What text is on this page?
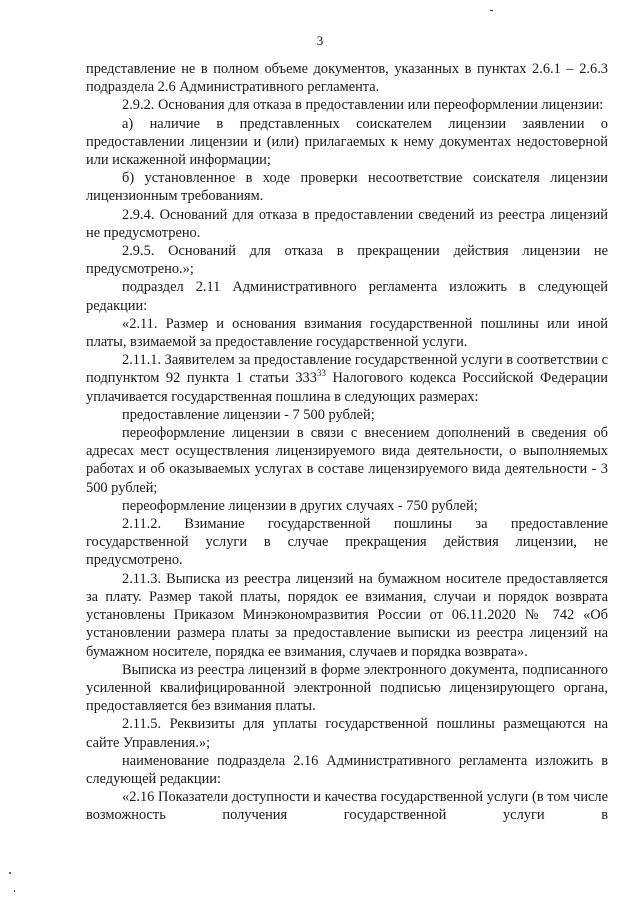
3

представление не в полном объеме документов, указанных в пунктах 2.6.1 – 2.6.3 подраздела 2.6 Административного регламента.

2.9.2. Основания для отказа в предоставлении или переоформлении лицензии:

а) наличие в представленных соискателем лицензии заявлении о предоставлении лицензии и (или) прилагаемых к нему документах недостоверной или искаженной информации;

б) установленное в ходе проверки несоответствие соискателя лицензии лицензионным требованиям.

2.9.4. Оснований для отказа в предоставлении сведений из реестра лицензий не предусмотрено.

2.9.5. Оснований для отказа в прекращении действия лицензии не предусмотрено.»;

подраздел 2.11 Административного регламента изложить в следующей редакции:

«2.11. Размер и основания взимания государственной пошлины или иной платы, взимаемой за предоставление государственной услуги.

2.11.1. Заявителем за предоставление государственной услуги в соответствии с подпунктом 92 пункта 1 статьи $333^{33}$ Налогового кодекса Российской Федерации уплачивается государственная пошлина в следующих размерах:

предоставление лицензии - 7 500 рублей;

переоформление лицензии в связи с внесением дополнений в сведения об адресах мест осуществления лицензируемого вида деятельности, о выполняемых работах и об оказываемых услугах в составе лицензируемого вида деятельности - 3 500 рублей;

переоформление лицензии в других случаях - 750 рублей;

2.11.2. Взимание государственной пошлины за предоставление государственной услуги в случае прекращения действия лицензии, не предусмотрено.

2.11.3. Выписка из реестра лицензий на бумажном носителе предоставляется за плату. Размер такой платы, порядок ее взимания, случаи и порядок возврата установлены Приказом Минэкономразвития России от 06.11.2020 № 742 «Об установлении размера платы за предоставление выписки из реестра лицензий на бумажном носителе, порядка ее взимания, случаев и порядка возврата».

Выписка из реестра лицензий в форме электронного документа, подписанного усиленной квалифицированной электронной подписью лицензирующего органа, предоставляется без взимания платы.

2.11.5. Реквизиты для уплаты государственной пошлины размещаются на сайте Управления.»;

наименование подраздела 2.16 Административного регламента изложить в следующей редакции:

«2.16 Показатели доступности и качества государственной услуги (в том числе возможность получения государственной услуги в
